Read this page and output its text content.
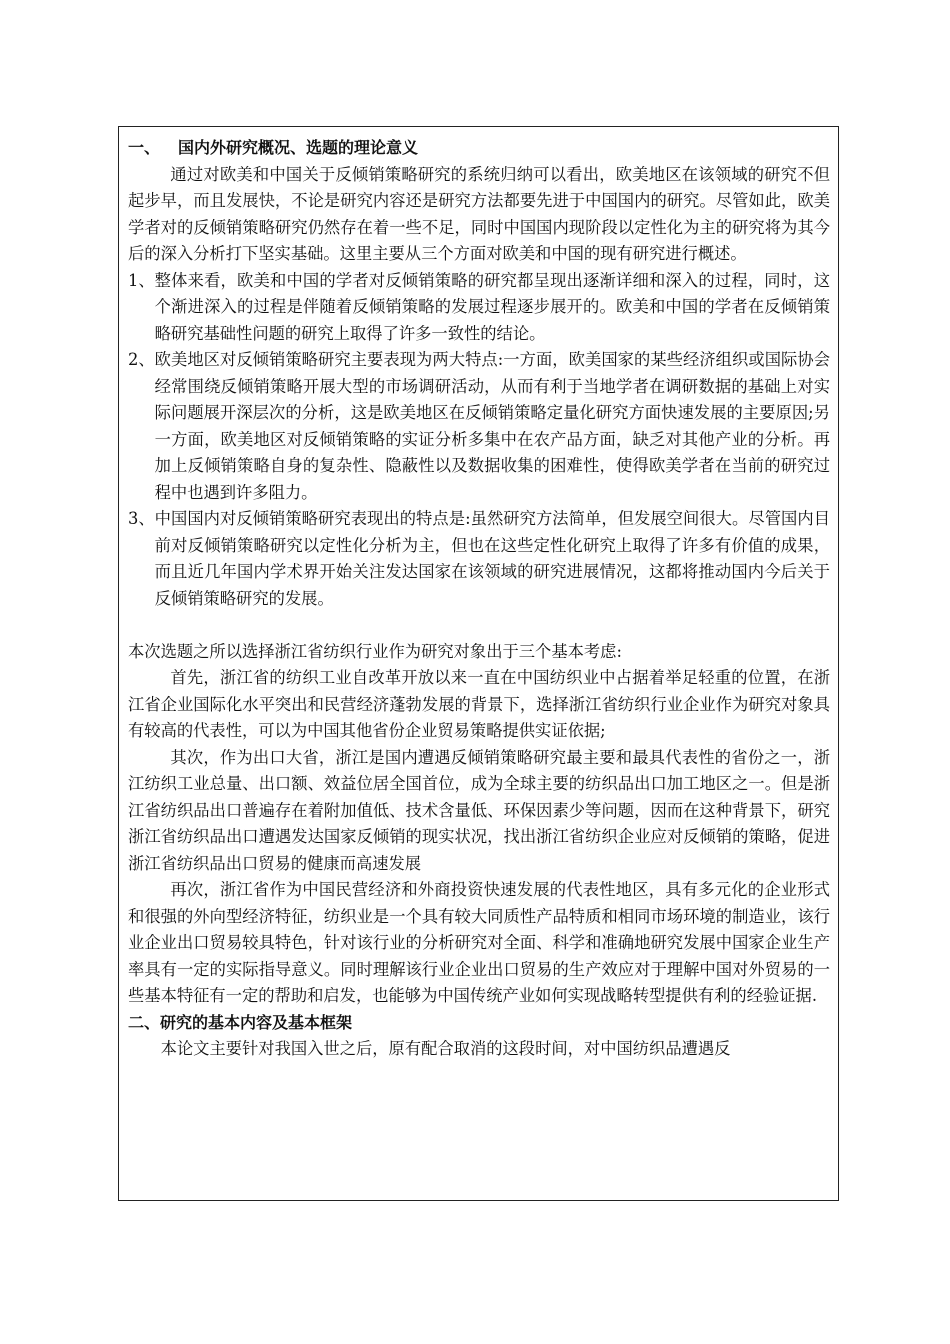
一、 国内外研究概况、选题的理论意义

通过对欧美和中国关于反倾销策略研究的系统归纳可以看出，欧美地区在该领域的研究不但起步早，而且发展快，不论是研究内容还是研究方法都要先进于中国国内的研究。尽管如此，欧美学者对的反倾销策略研究仍然存在着一些不足，同时中国国内现阶段以定性化为主的研究将为其今后的深入分析打下坚实基础。这里主要从三个方面对欧美和中国的现有研究进行概述。

1、 整体来看，欧美和中国的学者对反倾销策略的研究都呈现出逐渐详细和深入的过程，同时，这个渐进深入的过程是伴随着反倾销策略的发展过程逐步展开的。欧美和中国的学者在反倾销策略研究基础性问题的研究上取得了许多一致性的结论。
2、 欧美地区对反倾销策略研究主要表现为两大特点:一方面，欧美国家的某些经济组织或国际协会经常围绕反倾销策略开展大型的市场调研活动，从而有利于当地学者在调研数据的基础上对实际问题展开深层次的分析，这是欧美地区在反倾销策略定量化研究方面快速发展的主要原因;另一方面，欧美地区对反倾销策略的实证分析多集中在农产品方面，缺乏对其他产业的分析。再加上反倾销策略自身的复杂性、隐蔽性以及数据收集的困难性，使得欧美学者在当前的研究过程中也遇到许多阻力。
3、 中国国内对反倾销策略研究表现出的特点是:虽然研究方法简单，但发展空间很大。尽管国内目前对反倾销策略研究以定性化分析为主，但也在这些定性化研究上取得了许多有价值的成果，而且近几年国内学术界开始关注发达国家在该领域的研究进展情况，这都将推动国内今后关于反倾销策略研究的发展。

本次选题之所以选择浙江省纺织行业作为研究对象出于三个基本考虑:

首先，浙江省的纺织工业自改革开放以来一直在中国纺织业中占据着举足轻重的位置，在浙江省企业国际化水平突出和民营经济蓬勃发展的背景下，选择浙江省纺织行业企业作为研究对象具有较高的代表性，可以为中国其他省份企业贸易策略提供实证依据;

其次，作为出口大省，浙江是国内遭遇反倾销策略研究最主要和最具代表性的省份之一，浙江纺织工业总量、出口额、效益位居全国首位，成为全球主要的纺织品出口加工地区之一。但是浙江省纺织品出口普遍存在着附加值低、技术含量低、环保因素少等问题，因而在这种背景下，研究浙江省纺织品出口遭遇发达国家反倾销的现实状况，找出浙江省纺织企业应对反倾销的策略，促进浙江省纺织品出口贸易的健康而高速发展

再次，浙江省作为中国民营经济和外商投资快速发展的代表性地区，具有多元化的企业形式和很强的外向型经济特征，纺织业是一个具有较大同质性产品特质和相同市场环境的制造业，该行业企业出口贸易较具特色，针对该行业的分析研究对全面、科学和准确地研究发展中国家企业生产率具有一定的实际指导意义。同时理解该行业企业出口贸易的生产效应对于理解中国对外贸易的一些基本特征有一定的帮助和启发，也能够为中国传统产业如何实现战略转型提供有利的经验证据.

二、研究的基本内容及基本框架

本论文主要针对我国入世之后，原有配合取消的这段时间，对中国纺织品遭遇反
